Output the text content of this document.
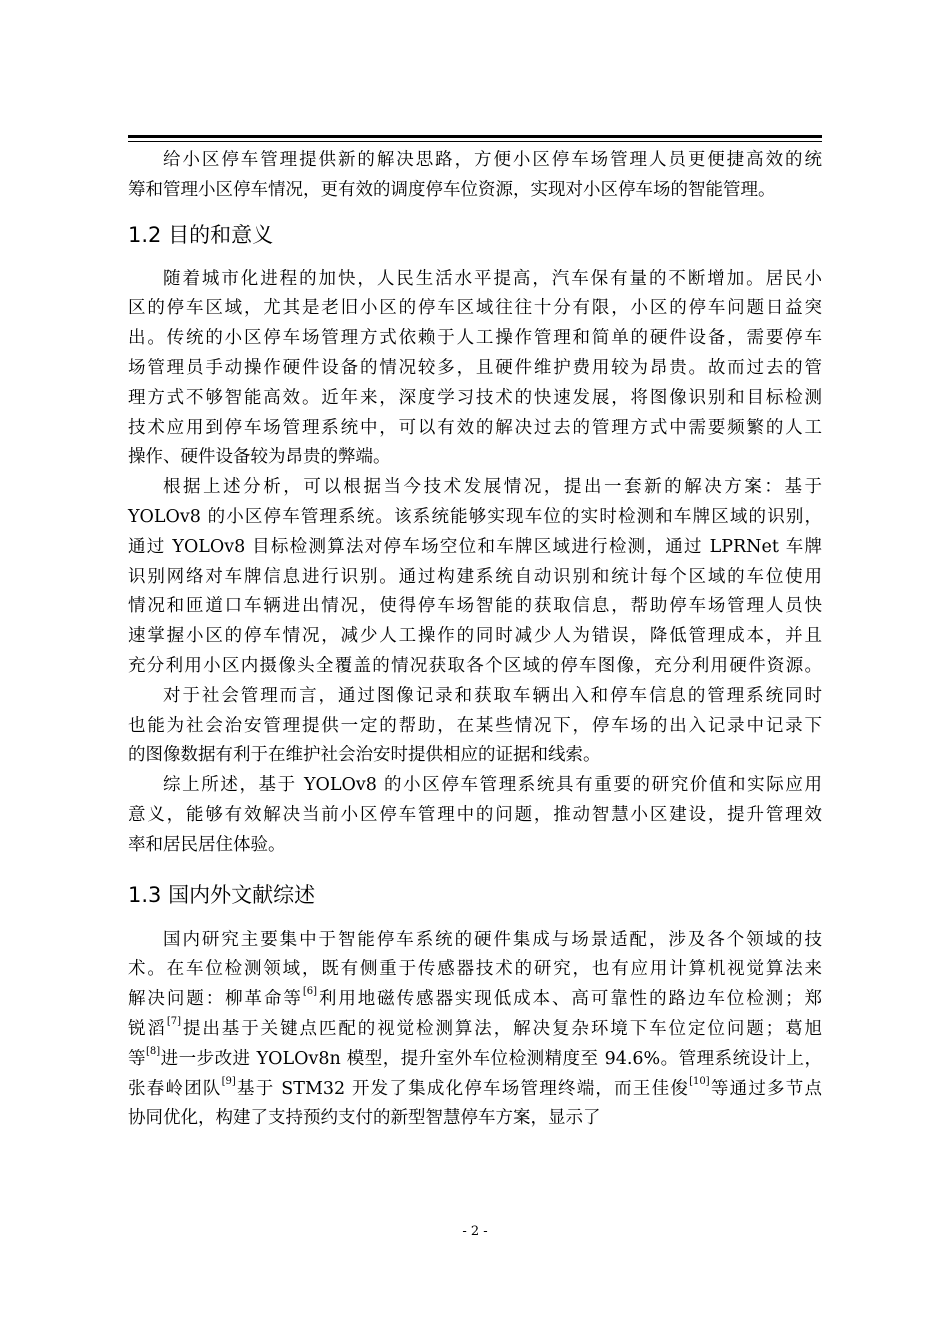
给小区停车管理提供新的解决思路，方便小区停车场管理人员更便捷高效的统
筹和管理小区停车情况，更有效的调度停车位资源，实现对小区停车场的智能管理。
1.2 目的和意义
随着城市化进程的加快，人民生活水平提高，汽车保有量的不断增加。居民小
区的停车区域，尤其是老旧小区的停车区域往往十分有限，小区的停车问题日益突
出。传统的小区停车场管理方式依赖于人工操作管理和简单的硬件设备，需要停车
场管理员手动操作硬件设备的情况较多，且硬件维护费用较为昂贵。故而过去的管
理方式不够智能高效。近年来，深度学习技术的快速发展，将图像识别和目标检测
技术应用到停车场管理系统中，可以有效的解决过去的管理方式中需要频繁的人工
操作、硬件设备较为昂贵的弊端。
根据上述分析，可以根据当今技术发展情况，提出一套新的解决方案：基于
YOLOv8 的小区停车管理系统。该系统能够实现车位的实时检测和车牌区域的识别，
通过 YOLOv8 目标检测算法对停车场空位和车牌区域进行检测，通过 LPRNet 车牌
识别网络对车牌信息进行识别。通过构建系统自动识别和统计每个区域的车位使用
情况和匝道口车辆进出情况，使得停车场智能的获取信息，帮助停车场管理人员快
速掌握小区的停车情况，减少人工操作的同时减少人为错误，降低管理成本，并且
充分利用小区内摄像头全覆盖的情况获取各个区域的停车图像，充分利用硬件资源。
对于社会管理而言，通过图像记录和获取车辆出入和停车信息的管理系统同时
也能为社会治安管理提供一定的帮助，在某些情况下，停车场的出入记录中记录下
的图像数据有利于在维护社会治安时提供相应的证据和线索。
综上所述，基于 YOLOv8 的小区停车管理系统具有重要的研究价值和实际应用
意义，能够有效解决当前小区停车管理中的问题，推动智慧小区建设，提升管理效
率和居民居住体验。
1.3 国内外文献综述
国内研究主要集中于智能停车系统的硬件集成与场景适配，涉及各个领域的技
术。在车位检测领域，既有侧重于传感器技术的研究，也有应用计算机视觉算法来
解决问题：柳革命等[6]利用地磁传感器实现低成本、高可靠性的路边车位检测；郑
锐滔[7]提出基于关键点匹配的视觉检测算法，解决复杂环境下车位定位问题；葛旭
等[8]进一步改进 YOLOv8n 模型，提升室外车位检测精度至 94.6%。管理系统设计上，
张春岭团队[9]基于 STM32 开发了集成化停车场管理终端，而王佳俊[10]等通过多节点
协同优化，构建了支持预约支付的新型智慧停车方案，显示了
- 2 -
